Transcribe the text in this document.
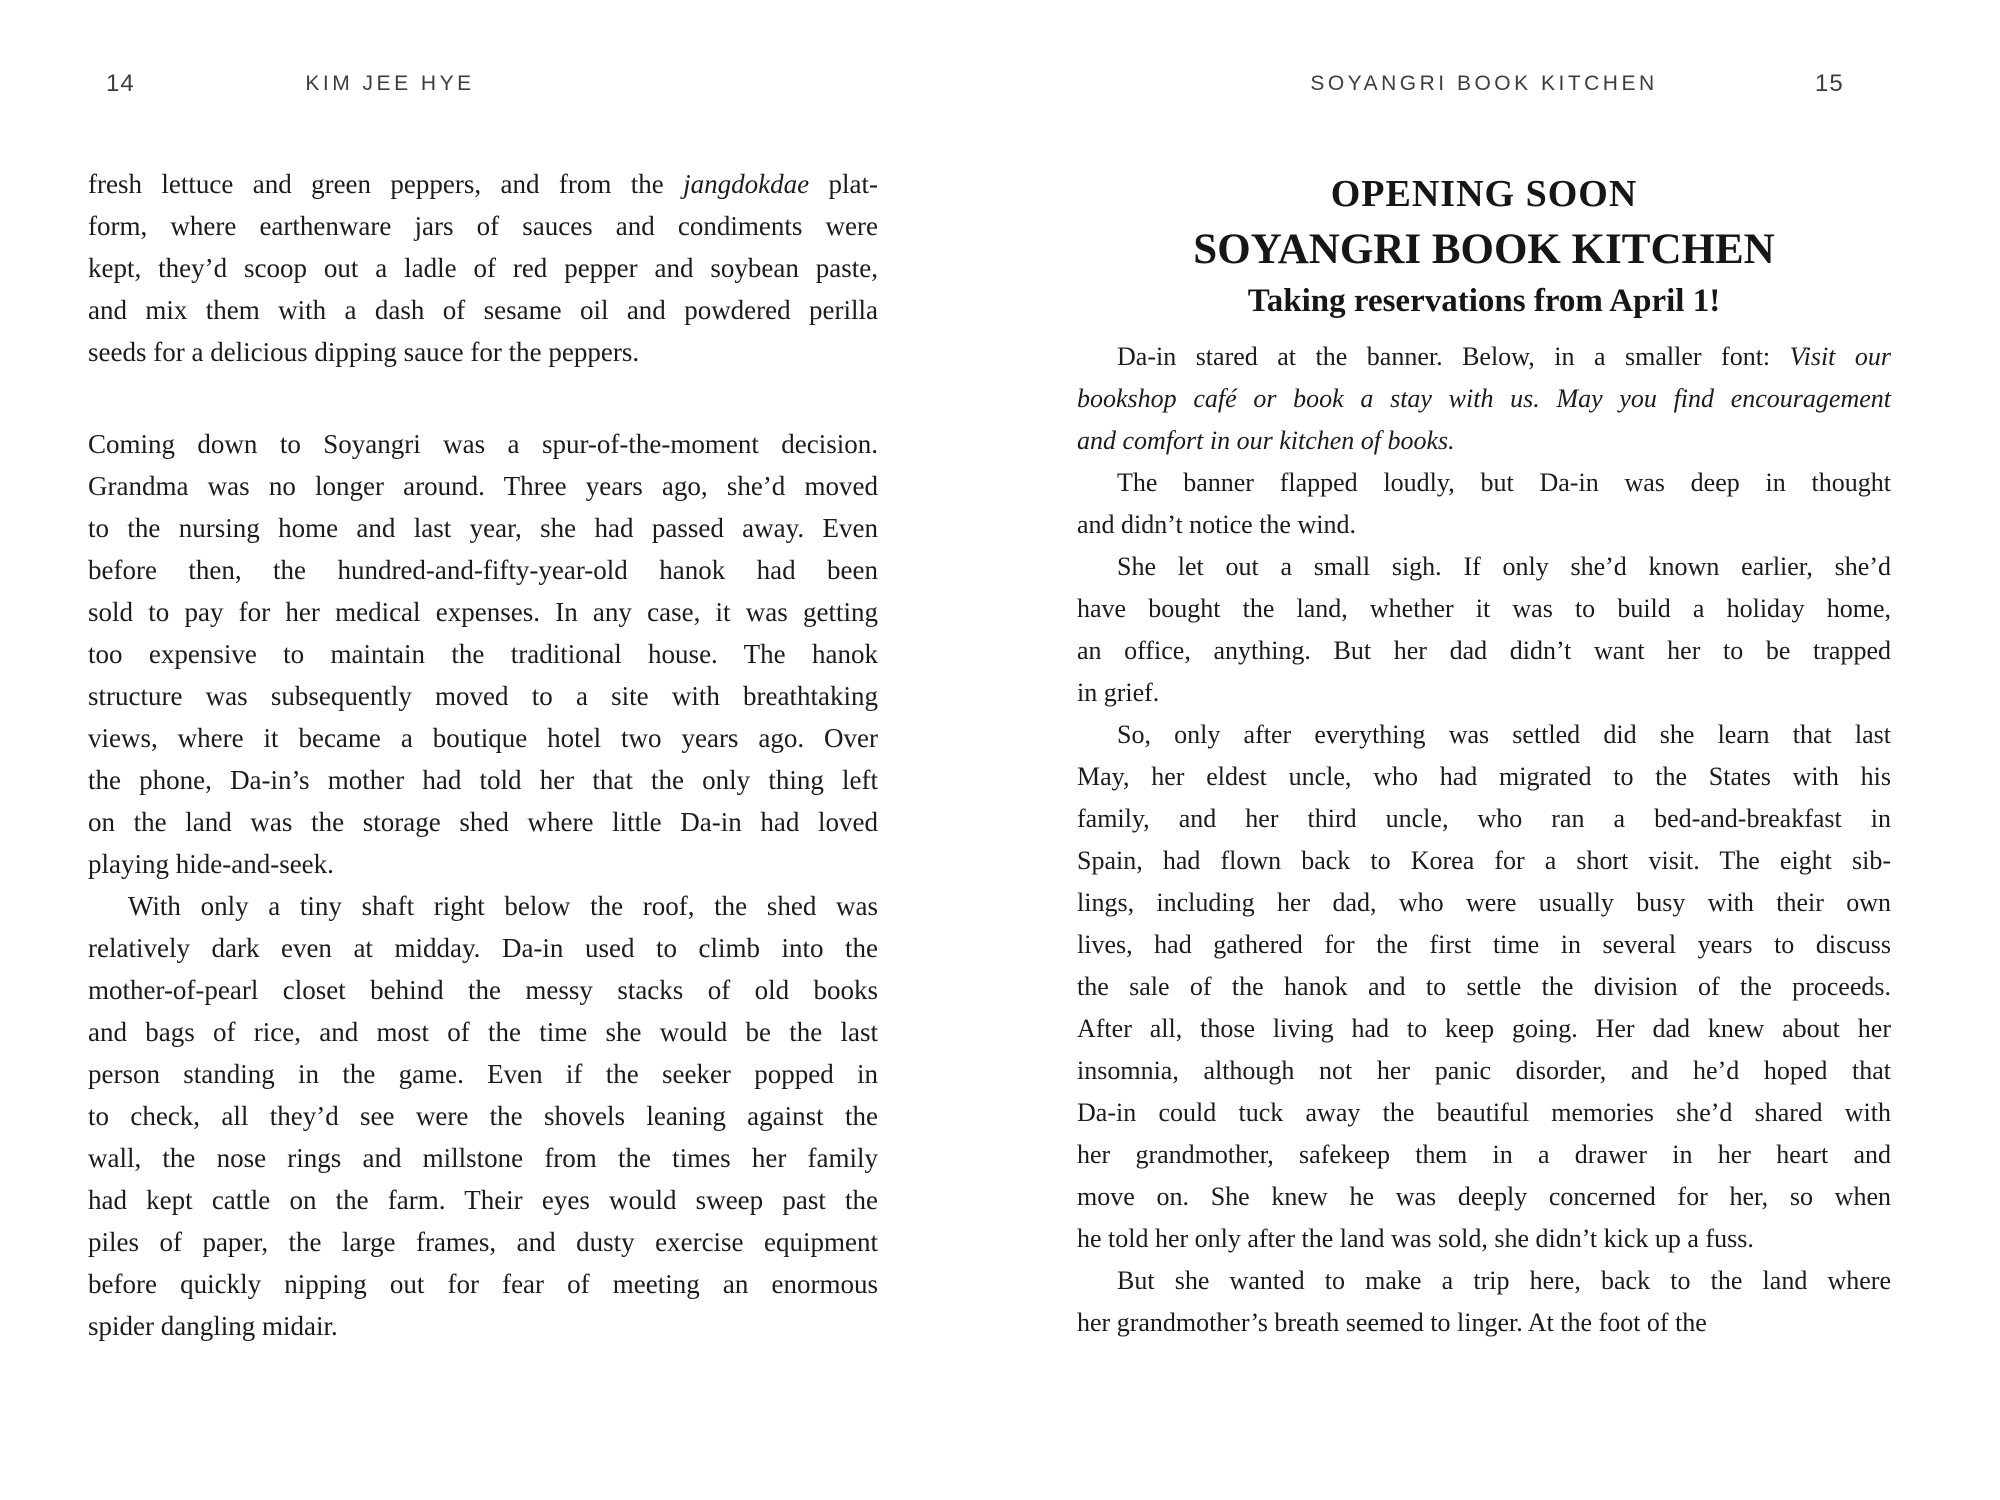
14	KIM JEE HYE
fresh lettuce and green peppers, and from the jangdokdae plat-
form, where earthenware jars of sauces and condiments were
kept, they’d scoop out a ladle of red pepper and soybean paste,
and mix them with a dash of sesame oil and powdered perilla
seeds for a delicious dipping sauce for the peppers.
Coming down to Soyangri was a spur-of-the-moment decision.
Grandma was no longer around. Three years ago, she’d moved
to the nursing home and last year, she had passed away. Even
before then, the hundred-and-fifty-year-old hanok had been
sold to pay for her medical expenses. In any case, it was getting
too expensive to maintain the traditional house. The hanok
structure was subsequently moved to a site with breathtaking
views, where it became a boutique hotel two years ago. Over
the phone, Da-in’s mother had told her that the only thing left
on the land was the storage shed where little Da-in had loved
playing hide-and-seek.
With only a tiny shaft right below the roof, the shed was
relatively dark even at midday. Da-in used to climb into the
mother-of-pearl closet behind the messy stacks of old books
and bags of rice, and most of the time she would be the last
person standing in the game. Even if the seeker popped in
to check, all they’d see were the shovels leaning against the
wall, the nose rings and millstone from the times her family
had kept cattle on the farm. Their eyes would sweep past the
piles of paper, the large frames, and dusty exercise equipment
before quickly nipping out for fear of meeting an enormous
spider dangling midair.
SOYANGRI BOOK KITCHEN	15
OPENING SOON
SOYANGRI BOOK KITCHEN
Taking reservations from April 1!
Da-in stared at the banner. Below, in a smaller font: Visit our
bookshop café or book a stay with us. May you find encouragement
and comfort in our kitchen of books.
The banner flapped loudly, but Da-in was deep in thought
and didn’t notice the wind.
She let out a small sigh. If only she’d known earlier, she’d
have bought the land, whether it was to build a holiday home,
an office, anything. But her dad didn’t want her to be trapped
in grief.
So, only after everything was settled did she learn that last
May, her eldest uncle, who had migrated to the States with his
family, and her third uncle, who ran a bed-and-breakfast in
Spain, had flown back to Korea for a short visit. The eight sib-
lings, including her dad, who were usually busy with their own
lives, had gathered for the first time in several years to discuss
the sale of the hanok and to settle the division of the proceeds.
After all, those living had to keep going. Her dad knew about her
insomnia, although not her panic disorder, and he’d hoped that
Da-in could tuck away the beautiful memories she’d shared with
her grandmother, safekeep them in a drawer in her heart and
move on. She knew he was deeply concerned for her, so when
he told her only after the land was sold, she didn’t kick up a fuss.
But she wanted to make a trip here, back to the land where
her grandmother’s breath seemed to linger. At the foot of the
